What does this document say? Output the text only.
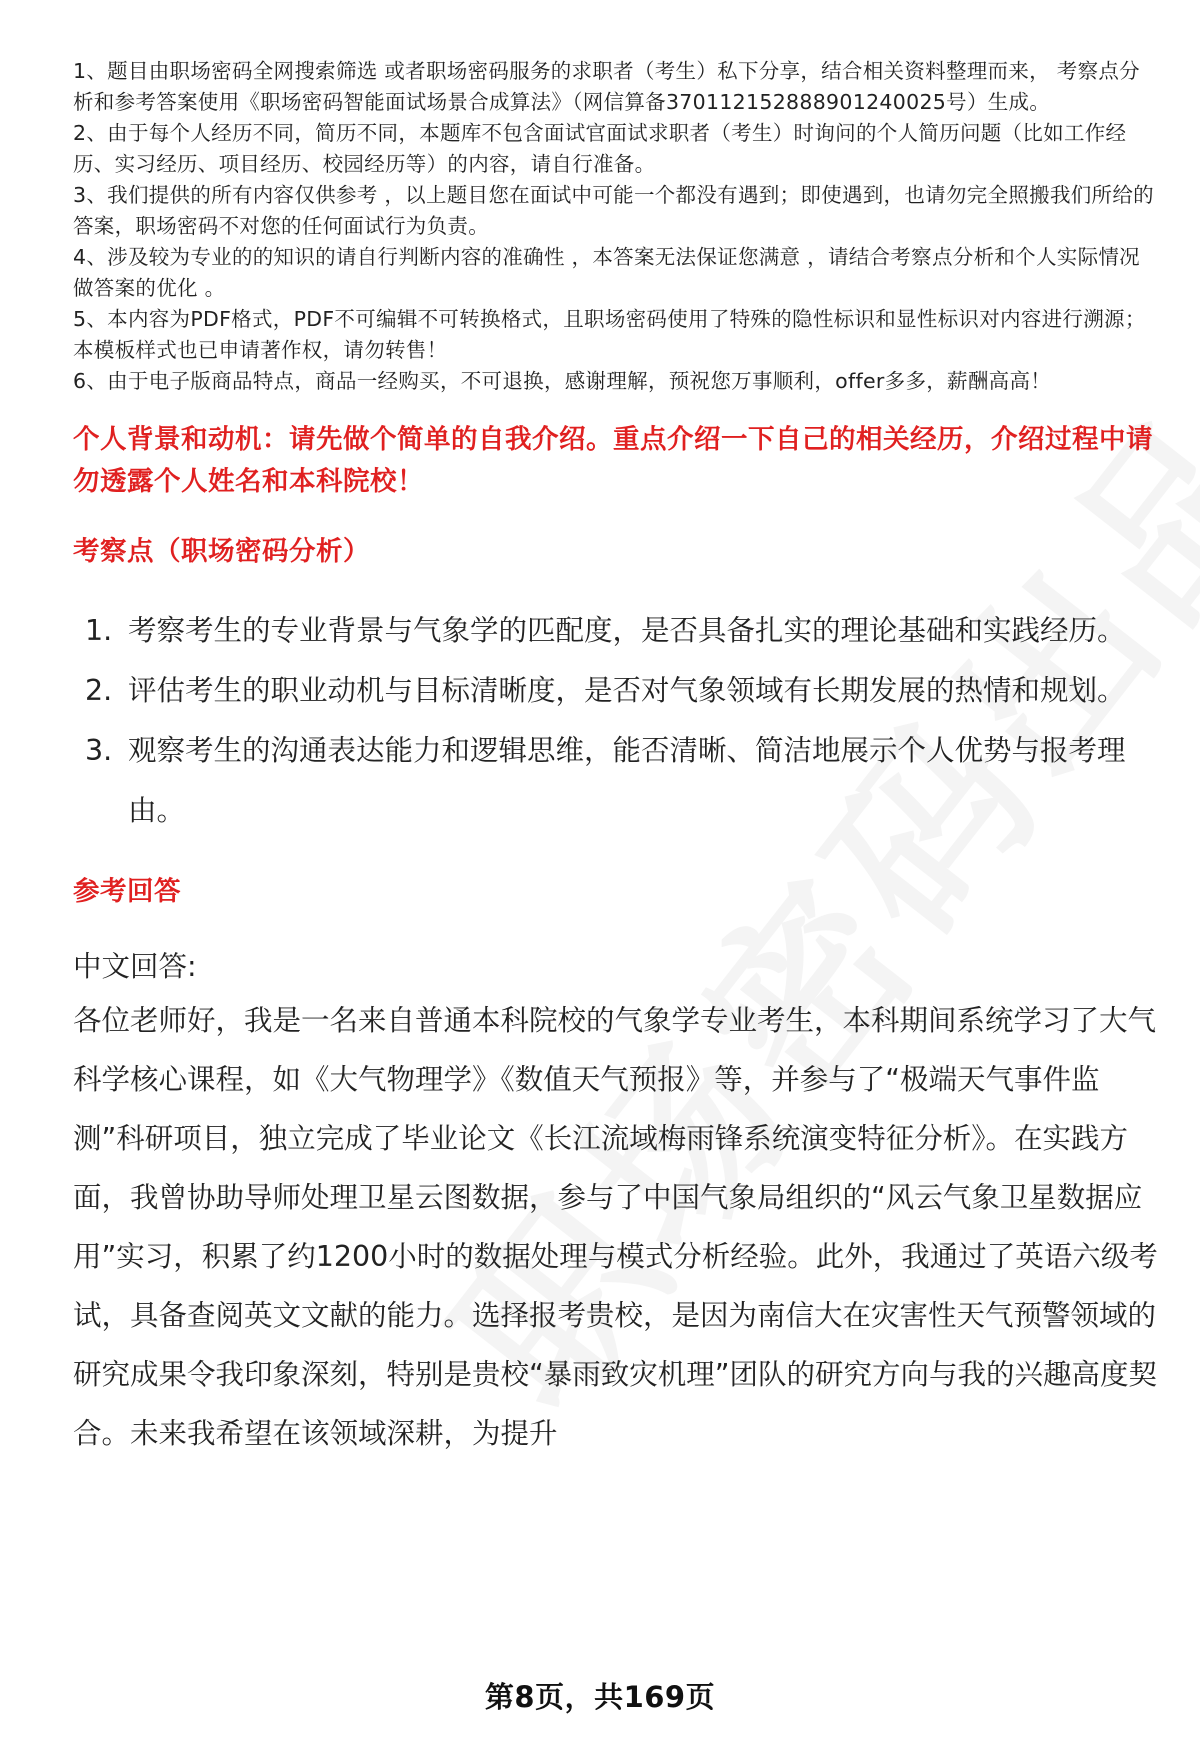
1、题目由职场密码全网搜索筛选 或者职场密码服务的求职者（考生）私下分享，结合相关资料整理而来， 考察点分析和参考答案使用《职场密码智能面试场景合成算法》（网信算备370112152888901240025号）生成。

2、由于每个人经历不同，简历不同，本题库不包含面试官面试求职者（考生）时询问的个人简历问题（比如工作经历、实习经历、项目经历、校园经历等）的内容，请自行准备。

3、我们提供的所有内容仅供参考 ，以上题目您在面试中可能一个都没有遇到；即使遇到，也请勿完全照搬我们所给的答案，职场密码不对您的任何面试行为负责。

4、涉及较为专业的的知识的请自行判断内容的准确性 ，本答案无法保证您满意 ，请结合考察点分析和个人实际情况做答案的优化 。

5、本内容为PDF格式，PDF不可编辑不可转换格式，且职场密码使用了特殊的隐性标识和显性标识对内容进行溯源；本模板样式也已申请著作权，请勿转售！

6、由于电子版商品特点，商品一经购买，不可退换，感谢理解，预祝您万事顺利，offer多多，薪酬高高！

个人背景和动机：请先做个简单的自我介绍。重点介绍一下自己的相关经历，介绍过程中请勿透露个人姓名和本科院校！

考察点（职场密码分析）

1. 考察考生的专业背景与气象学的匹配度，是否具备扎实的理论基础和实践经历。
2. 评估考生的职业动机与目标清晰度，是否对气象领域有长期发展的热情和规划。
3. 观察考生的沟通表达能力和逻辑思维，能否清晰、简洁地展示个人优势与报考理由。

参考回答

中文回答:
各位老师好，我是一名来自普通本科院校的气象学专业考生，本科期间系统学习了大气科学核心课程，如《大气物理学》《数值天气预报》等，并参与了“极端天气事件监测”科研项目，独立完成了毕业论文《长江流域梅雨锋系统演变特征分析》。在实践方面，我曾协助导师处理卫星云图数据，参与了中国气象局组织的“风云气象卫星数据应用”实习，积累了约1200小时的数据处理与模式分析经验。此外，我通过了英语六级考试，具备查阅英文文献的能力。选择报考贵校，是因为南信大在灾害性天气预警领域的研究成果令我印象深刻，特别是贵校“暴雨致灾机理”团队的研究方向与我的兴趣高度契合。未来我希望在该领域深耕，为提升
第8页，共169页
